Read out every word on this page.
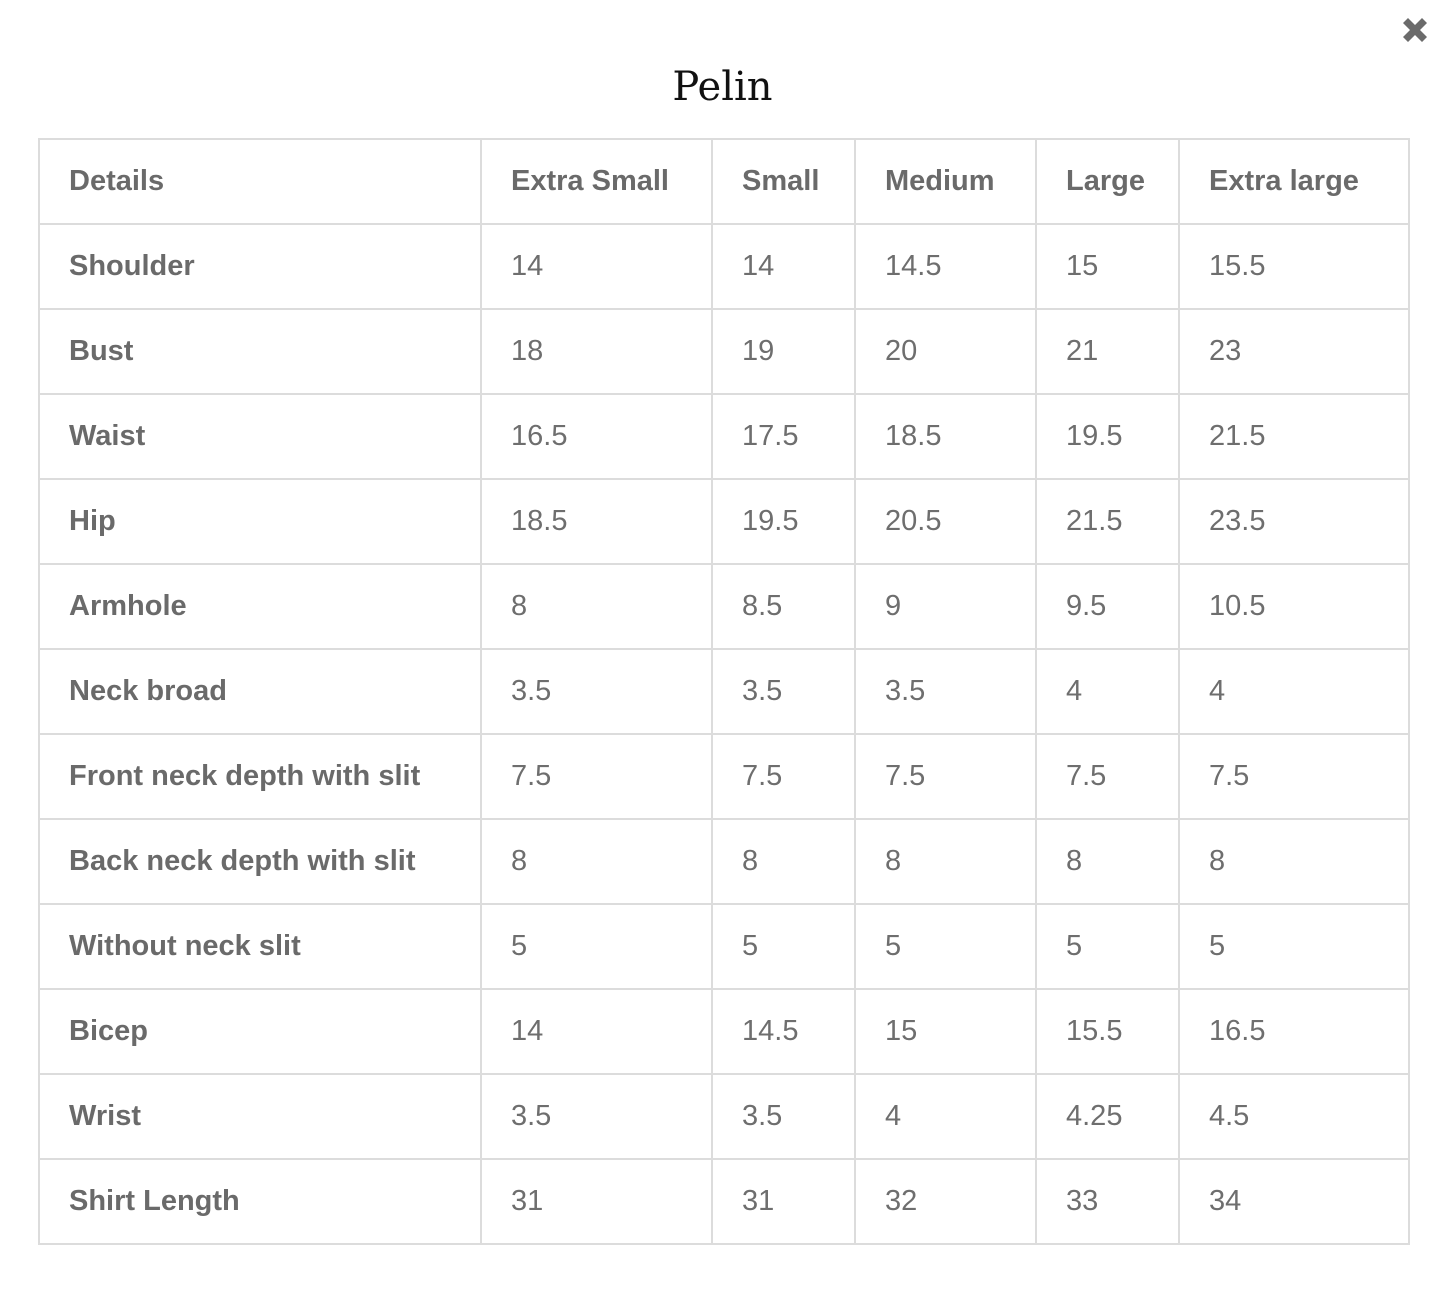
Pelin
Details	Extra Small	Small	Medium	Large	Extra large
Shoulder	14	14	14.5	15	15.5
Bust	18	19	20	21	23
Waist	16.5	17.5	18.5	19.5	21.5
Hip	18.5	19.5	20.5	21.5	23.5
Armhole	8	8.5	9	9.5	10.5
Neck broad	3.5	3.5	3.5	4	4
Front neck depth with slit	7.5	7.5	7.5	7.5	7.5
Back neck depth with slit	8	8	8	8	8
Without neck slit	5	5	5	5	5
Bicep	14	14.5	15	15.5	16.5
Wrist	3.5	3.5	4	4.25	4.5
Shirt Length	31	31	32	33	34
